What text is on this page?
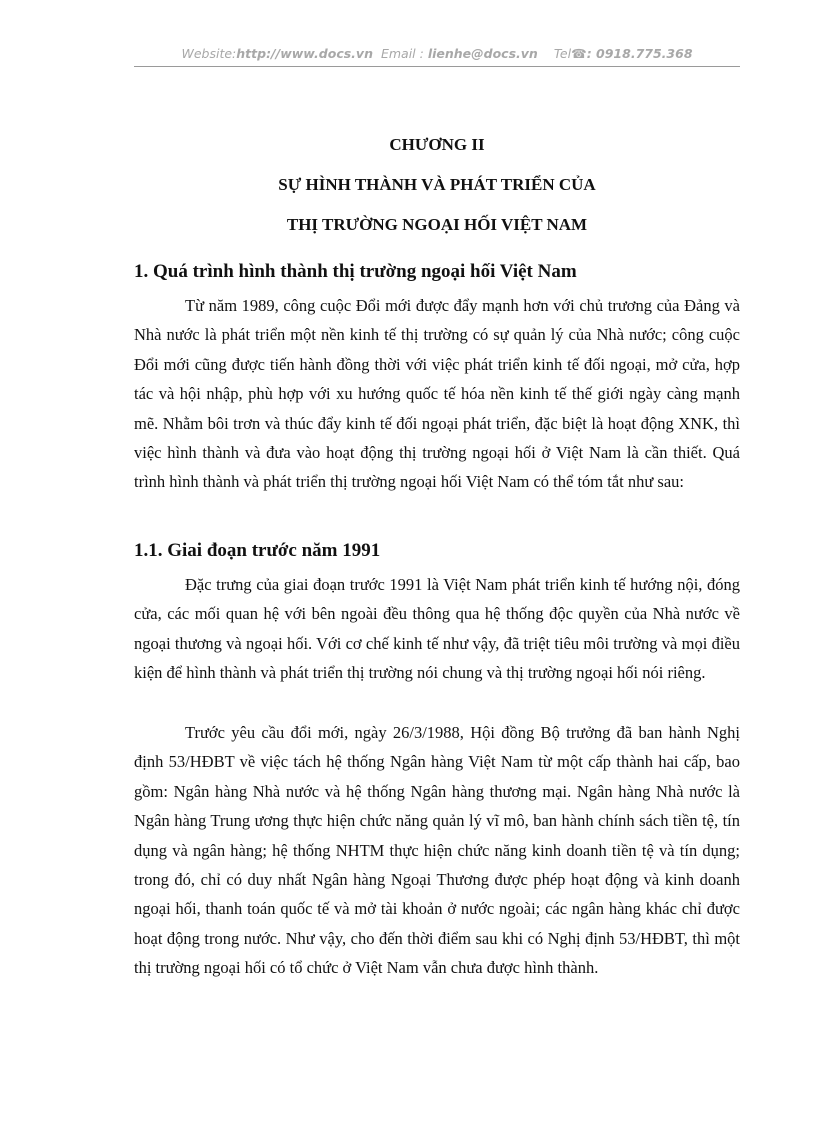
Website:http://www.docs.vn Email : lienhe@docs.vn Tel☎: 0918.775.368
CHƯƠNG II
SỰ HÌNH THÀNH VÀ PHÁT TRIỂN CỦA
THỊ TRƯỜNG NGOẠI HỐI VIỆT NAM
1. Quá trình hình thành thị trường ngoại hối Việt Nam

Từ năm 1989, công cuộc Đổi mới được đẩy mạnh hơn với chủ trương của Đảng và Nhà nước là phát triển một nền kinh tế thị trường có sự quản lý của Nhà nước; công cuộc Đổi mới cũng được tiến hành đồng thời với việc phát triển kinh tế đối ngoại, mở cửa, hợp tác và hội nhập, phù hợp với xu hướng quốc tế hóa nền kinh tế thế giới ngày càng mạnh mẽ. Nhằm bôi trơn và thúc đẩy kinh tế đối ngoại phát triển, đặc biệt là hoạt động XNK, thì việc hình thành và đưa vào hoạt động thị trường ngoại hối ở Việt Nam là cần thiết. Quá trình hình thành và phát triển thị trường ngoại hối Việt Nam có thể tóm tắt như sau:

1.1. Giai đoạn trước năm 1991

Đặc trưng của giai đoạn trước 1991 là Việt Nam phát triển kinh tế hướng nội, đóng cửa, các mối quan hệ với bên ngoài đều thông qua hệ thống độc quyền của Nhà nước về ngoại thương và ngoại hối. Với cơ chế kinh tế như vậy, đã triệt tiêu môi trường và mọi điều kiện để hình thành và phát triển thị trường nói chung và thị trường ngoại hối nói riêng.

Trước yêu cầu đổi mới, ngày 26/3/1988, Hội đồng Bộ trưởng đã ban hành Nghị định 53/HĐBT về việc tách hệ thống Ngân hàng Việt Nam từ một cấp thành hai cấp, bao gồm: Ngân hàng Nhà nước và hệ thống Ngân hàng thương mại. Ngân hàng Nhà nước là Ngân hàng Trung ương thực hiện chức năng quản lý vĩ mô, ban hành chính sách tiền tệ, tín dụng và ngân hàng; hệ thống NHTM thực hiện chức năng kinh doanh tiền tệ và tín dụng; trong đó, chỉ có duy nhất Ngân hàng Ngoại Thương được phép hoạt động và kinh doanh ngoại hối, thanh toán quốc tế và mở tài khoản ở nước ngoài; các ngân hàng khác chỉ được hoạt động trong nước. Như vậy, cho đến thời điểm sau khi có Nghị định 53/HĐBT, thì một thị trường ngoại hối có tổ chức ở Việt Nam vẫn chưa được hình thành.
